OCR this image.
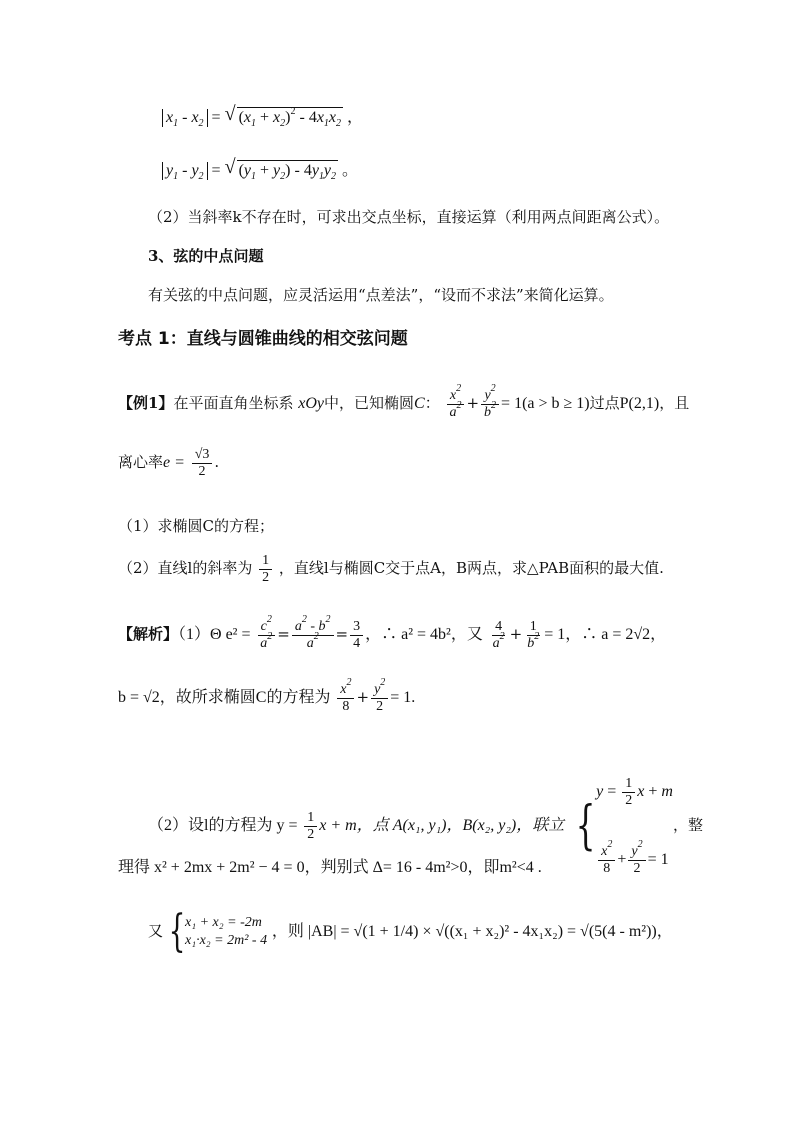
$x_1 - x_2$ = √ $(x_1 + x_2)^2 - 4x_1x_2$ ，
$y_1 - y_2$ = √ $(y_1 + y_2) - 4y_1y_2$ 。
（2）当斜率k不存在时，可求出交点坐标，直接运算（利用两点间距离公式）。
3、弦的中点问题
有关弦的中点问题，应灵活运用“点差法”，“设而不求法”来简化运算。
考点 1：直线与圆锥曲线的相交弦问题
【例1】在平面直角坐标系 xOy中，已知椭圆C： $\frac{x^2}{a^2} + \frac{y^2}{b^2} = 1(a > b \ge 1)$过点P(2,1)，且
离心率$e = \frac{√3}{2}$ .
（1）求椭圆C的方程；
（2）直线l的斜率为 $\frac{1}{2}$ ，直线l与椭圆C交于点A，B两点，求△PAB面积的最大值.
【解析】（1）Θ $e^2 = \frac{c^2}{a^2} = \frac{a^2 - b^2}{a^2} = \frac{3}{4}$ ，∴ a² = 4b²，又 $\frac{4}{a^2} + \frac{1}{b^2} = 1$，∴ a = 2√2，
b = √2，故所求椭圆C的方程为 $\frac{x^2}{8} + \frac{y^2}{2} = 1$.
（2）设l的方程为 $y = \frac{1}{2}$ x + m，点 A(x₁, y₁)，B(x₂, y₂)，联立 {
$y = \frac{1}{2}$ x + m
$\frac{x^2}{8} + \frac{y^2}{2} = 1$
，整
理得 x² + 2mx + 2m² − 4 = 0，判别式 Δ= 16 - 4m²>0，即m²<4 .
又 { x₁ + x₂ = -2m
x₁·x₂ = 2m² - 4
，则 |AB| = √(1 + 1/4) × √((x₁ + x₂)² - 4x₁x₂) = √(5(4 - m²))，
